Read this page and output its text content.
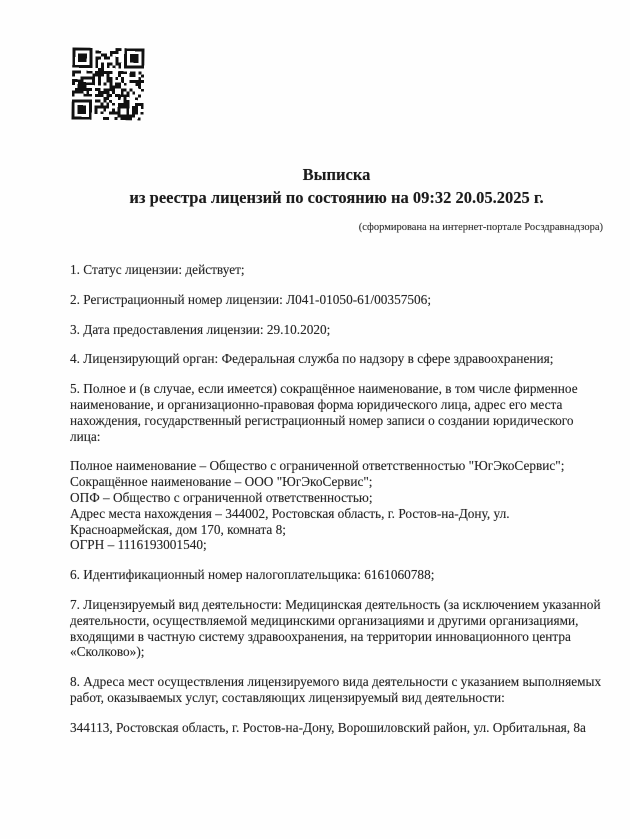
Выписка
из реестра лицензий по состоянию на 09:32 20.05.2025 г.
(сформирована на интернет-портале Росздравнадзора)

1. Статус лицензии: действует;

2. Регистрационный номер лицензии: Л041-01050-61/00357506;

3. Дата предоставления лицензии: 29.10.2020;

4. Лицензирующий орган: Федеральная служба по надзору в сфере здравоохранения;

5. Полное и (в случае, если имеется) сокращённое наименование, в том числе фирменное наименование, и организационно-правовая форма юридического лица, адрес его места нахождения, государственный регистрационный номер записи о создании юридического лица:

Полное наименование – Общество с ограниченной ответственностью "ЮгЭкоСервис";
Сокращённое наименование – ООО "ЮгЭкоСервис";
ОПФ – Общество с ограниченной ответственностью;
Адрес места нахождения – 344002, Ростовская область, г. Ростов-на-Дону, ул. Красноармейская, дом 170, комната 8;
ОГРН – 1116193001540;

6. Идентификационный номер налогоплательщика: 6161060788;

7. Лицензируемый вид деятельности: Медицинская деятельность (за исключением указанной деятельности, осуществляемой медицинскими организациями и другими организациями, входящими в частную систему здравоохранения, на территории инновационного центра «Сколково»);

8. Адреса мест осуществления лицензируемого вида деятельности с указанием выполняемых работ, оказываемых услуг, составляющих лицензируемый вид деятельности:

344113, Ростовская область, г. Ростов-на-Дону, Ворошиловский район, ул. Орбитальная, 8а
